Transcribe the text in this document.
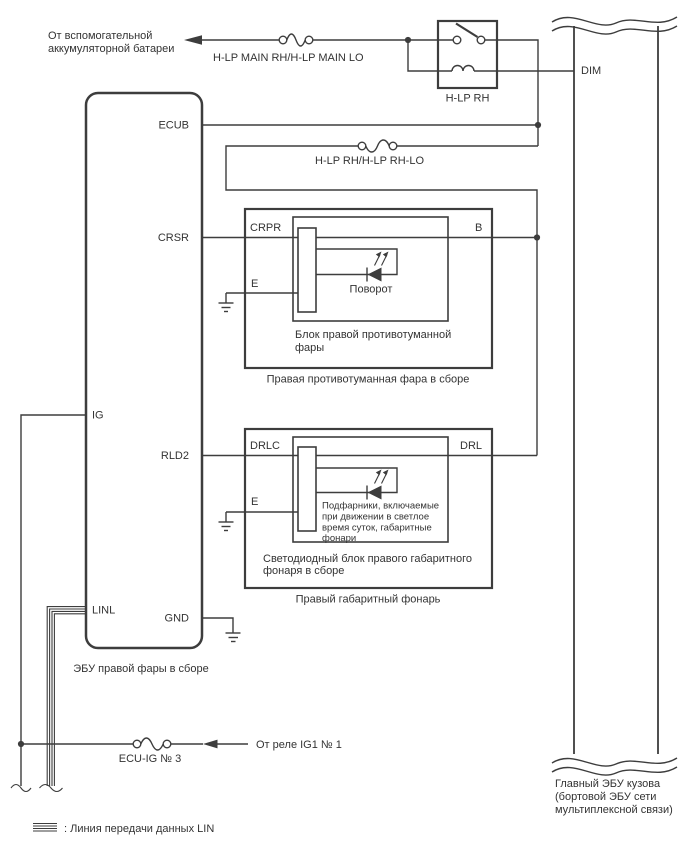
От вспомогательной
аккумуляторной батареи
H-LP MAIN RH/H-LP MAIN LO
H-LP RH
H-LP RH/H-LP RH-LO
CRPR	B
E	Поворот
Блок правой противотуманной
фары
Правая противотуманная фара в сборе
DRLC	DRL
E	Подфарники, включаемые
при движении в светлое
время суток, габаритные
фонари
Светодиодный блок правого габаритного
фонаря в сборе
Правый габаритный фонарь
ECUB
CRSR
IG
RLD2
LINL
GND
ЭБУ правой фары в сборе
ECU-IG № 3
От реле IG1 № 1
DIM
Главный ЭБУ кузова
(бортовой ЭБУ сети
мультиплексной связи)
: Линия передачи данных LIN
